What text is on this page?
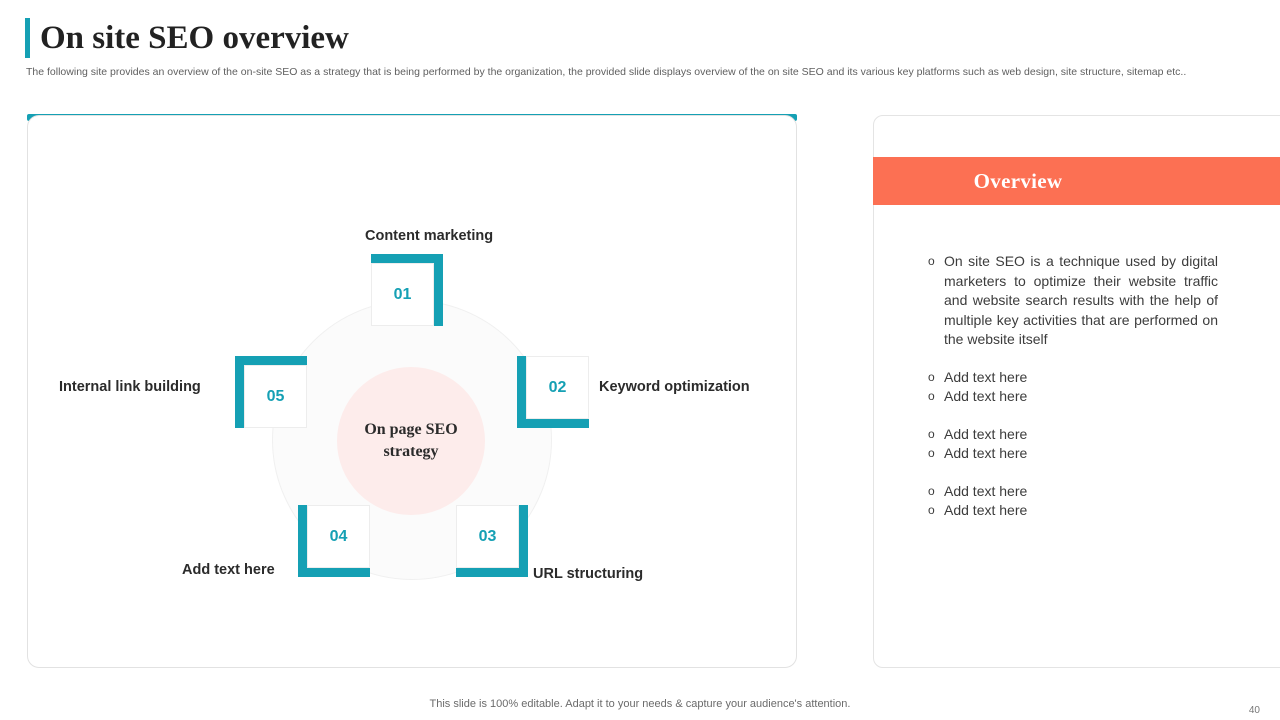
On site SEO overview
The following site provides an overview of the on-site SEO as a strategy that is being performed by the organization, the provided slide displays overview of the on site SEO and its various key platforms such as web design, site structure, sitemap etc..
On page SEO strategy
01
Content marketing
02 Keyword optimization
03
URL structuring
04
Add text here
05
Internal link building
Overview
o On site SEO is a technique used by digital marketers to optimize their website traffic and website search results with the help of multiple key activities that are performed on the website itself
o Add text here
o Add text here
o Add text here
o Add text here
o Add text here
o Add text here
This slide is 100% editable. Adapt it to your needs & capture your audience's attention.
40
